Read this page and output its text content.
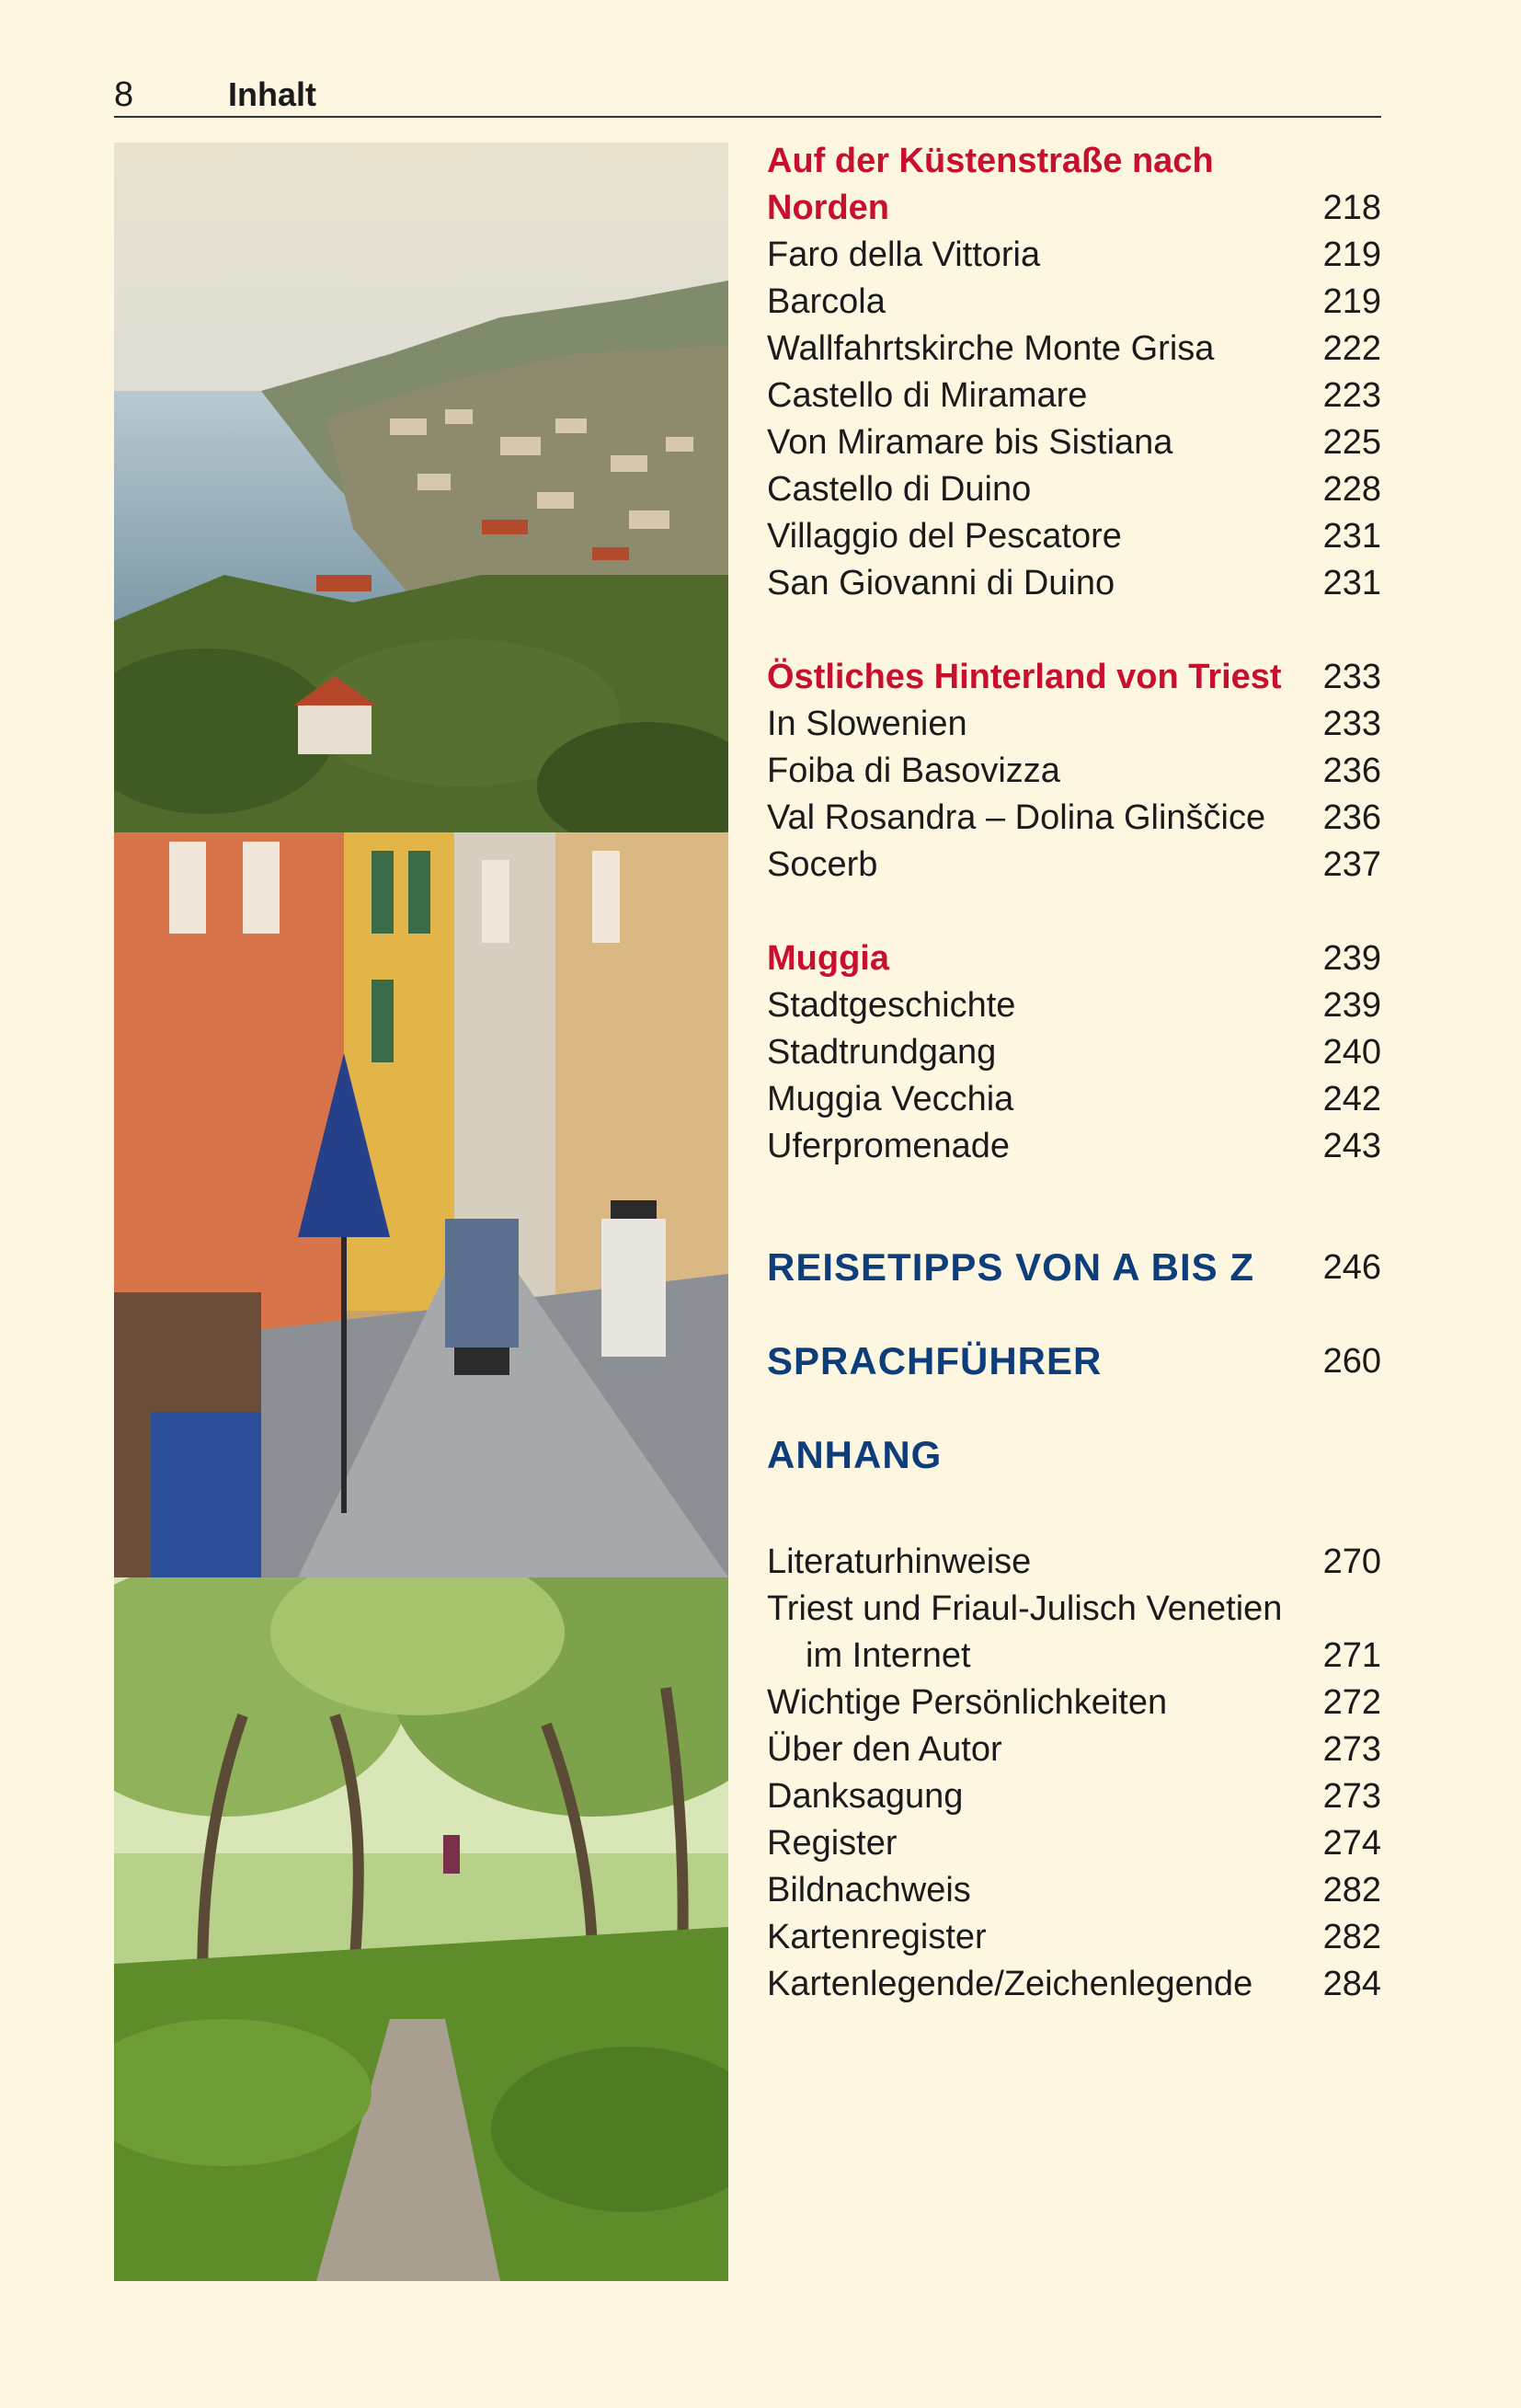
8	Inhalt
Auf der Küstenstraße nach
Norden	218
Faro della Vittoria	219
Barcola	219
Wallfahrtskirche Monte Grisa	222
Castello di Miramare	223
Von Miramare bis Sistiana	225
Castello di Duino	228
Villaggio del Pescatore	231
San Giovanni di Duino	231
Östliches Hinterland von Triest 233
In Slowenien	233
Foiba di Basovizza	236
Val Rosandra – Dolina Glinščice 236
Socerb	237
Muggia	239
Stadtgeschichte	239
Stadtrundgang	240
Muggia Vecchia	242
Uferpromenade	243
REISETIPPS VON A BIS Z 246
SPRACHFÜHRER	260
ANHANG
Literaturhinweise	270
Triest und Friaul-Julisch Venetien
im Internet	271
Wichtige Persönlichkeiten	272
Über den Autor	273
Danksagung	273
Register	274
Bildnachweis	282
Kartenregister	282
Kartenlegende/Zeichenlegende 284
